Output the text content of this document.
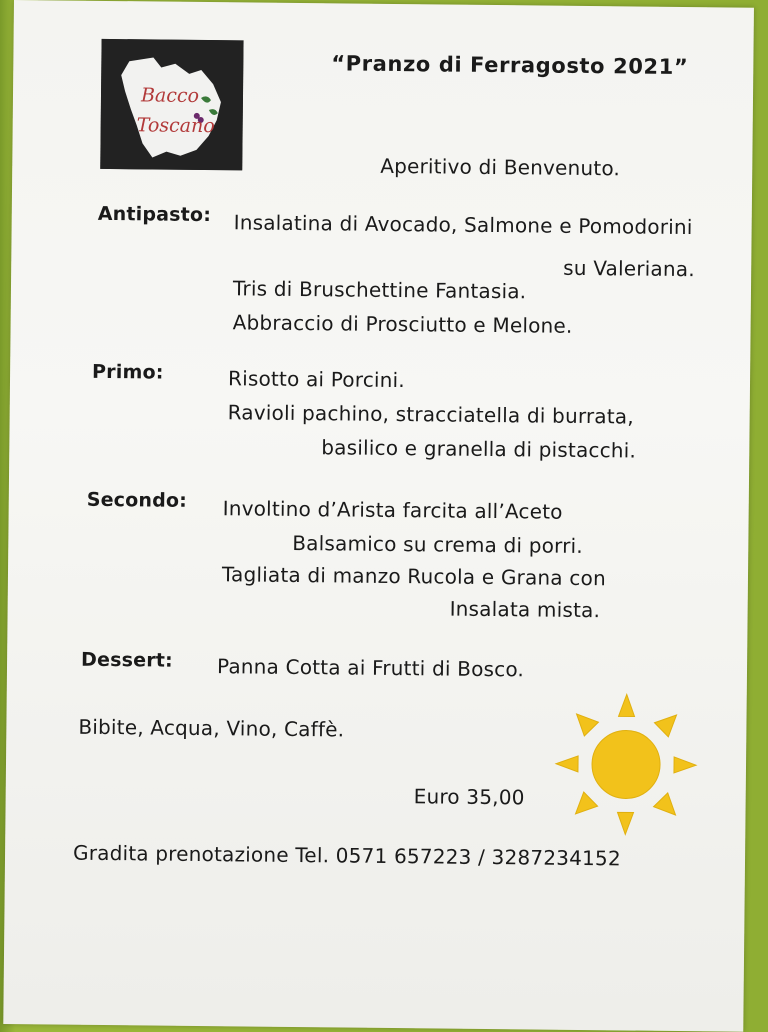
Bacco
Toscano
“Pranzo di Ferragosto 2021”
Aperitivo di Benvenuto.
Antipasto: Insalatina di Avocado, Salmone e Pomodorini
su Valeriana.
Tris di Bruschettine Fantasia.
Abbraccio di Prosciutto e Melone.
Primo:	Risotto ai Porcini.
Ravioli pachino, stracciatella di burrata,
basilico e granella di pistacchi.
Secondo: Involtino d’Arista farcita all’Aceto
Balsamico su crema di porri.
Tagliata di manzo Rucola e Grana con
Insalata mista.
Dessert: Panna Cotta ai Frutti di Bosco.
Bibite, Acqua, Vino, Caffè.
Euro 35,00
Gradita prenotazione Tel. 0571 657223 / 3287234152
